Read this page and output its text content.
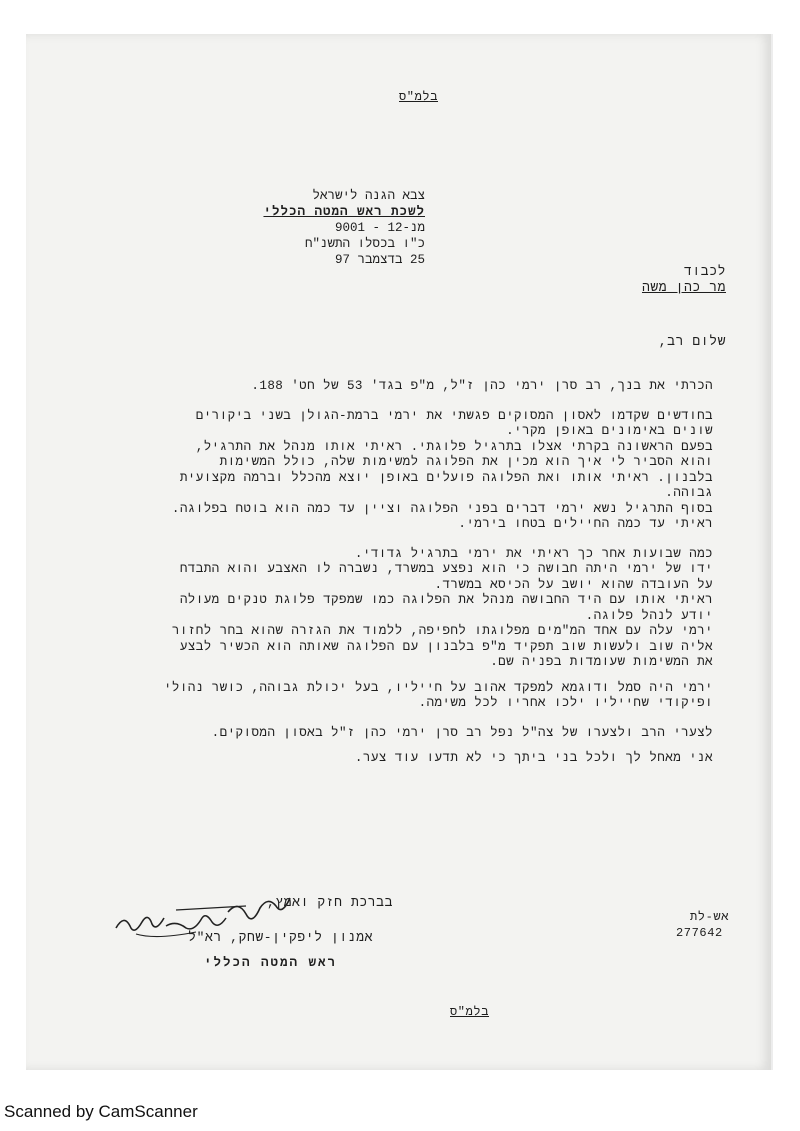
בלמ"ס
צבא הגנה לישראל
לשכת ראש המטה הכללי
מנ-12 - 9001
כ"ו בכסלו התשנ"ח
25 בדצמבר 97
לכבוד
מר כהן משה
שלום רב,
הכרתי את בנך, רב סרן ירמי כהן ז"ל, מ"פ בגד' 53 של חט' 188.
בחודשים שקדמו לאסון המסוקים פגשתי את ירמי ברמת-הגולן בשני ביקורים
שונים באימונים באופן מקרי.
בפעם הראשונה בקרתי אצלו בתרגיל פלוגתי. ראיתי אותו מנהל את התרגיל,
והוא הסביר לי איך הוא מכין את הפלוגה למשימות שלה, כולל המשימות
בלבנון. ראיתי אותו ואת הפלוגה פועלים באופן יוצא מהכלל וברמה מקצועית
גבוהה.
בסוף התרגיל נשא ירמי דברים בפני הפלוגה וציין עד כמה הוא בוטח בפלוגה.
ראיתי עד כמה החיילים בטחו בירמי.
כמה שבועות אחר כך ראיתי את ירמי בתרגיל גדודי.
ידו של ירמי היתה חבושה כי הוא נפצע במשרד, נשברה לו האצבע והוא התבדח
על העובדה שהוא יושב על הכיסא במשרד.
ראיתי אותו עם היד החבושה מנהל את הפלוגה כמו שמפקד פלוגת טנקים מעולה
יודע לנהל פלוגה.
ירמי עלה עם אחד המ"מים מפלוגתו לחפיפה, ללמוד את הגזרה שהוא בחר לחזור
אליה שוב ולעשות שוב תפקיד מ"פ בלבנון עם הפלוגה שאותה הוא הכשיר לבצע
את המשימות שעומדות בפניה שם.
ירמי היה סמל ודוגמא למפקד אהוב על חייליו, בעל יכולת גבוהה, כושר נהולי
ופיקודי שחייליו ילכו אחריו לכל משימה.
לצערי הרב ולצערו של צה"ל נפל רב סרן ירמי כהן ז"ל באסון המסוקים.
אני מאחל לך ולכל בני ביתך כי לא תדעו עוד צער.
בברכת חזק ואמץ,
אמנון ליפקין-שחק, רא"ל
ראש המטה הכללי
אש-לת
277642
בלמ"ס
Scanned by CamScanner
